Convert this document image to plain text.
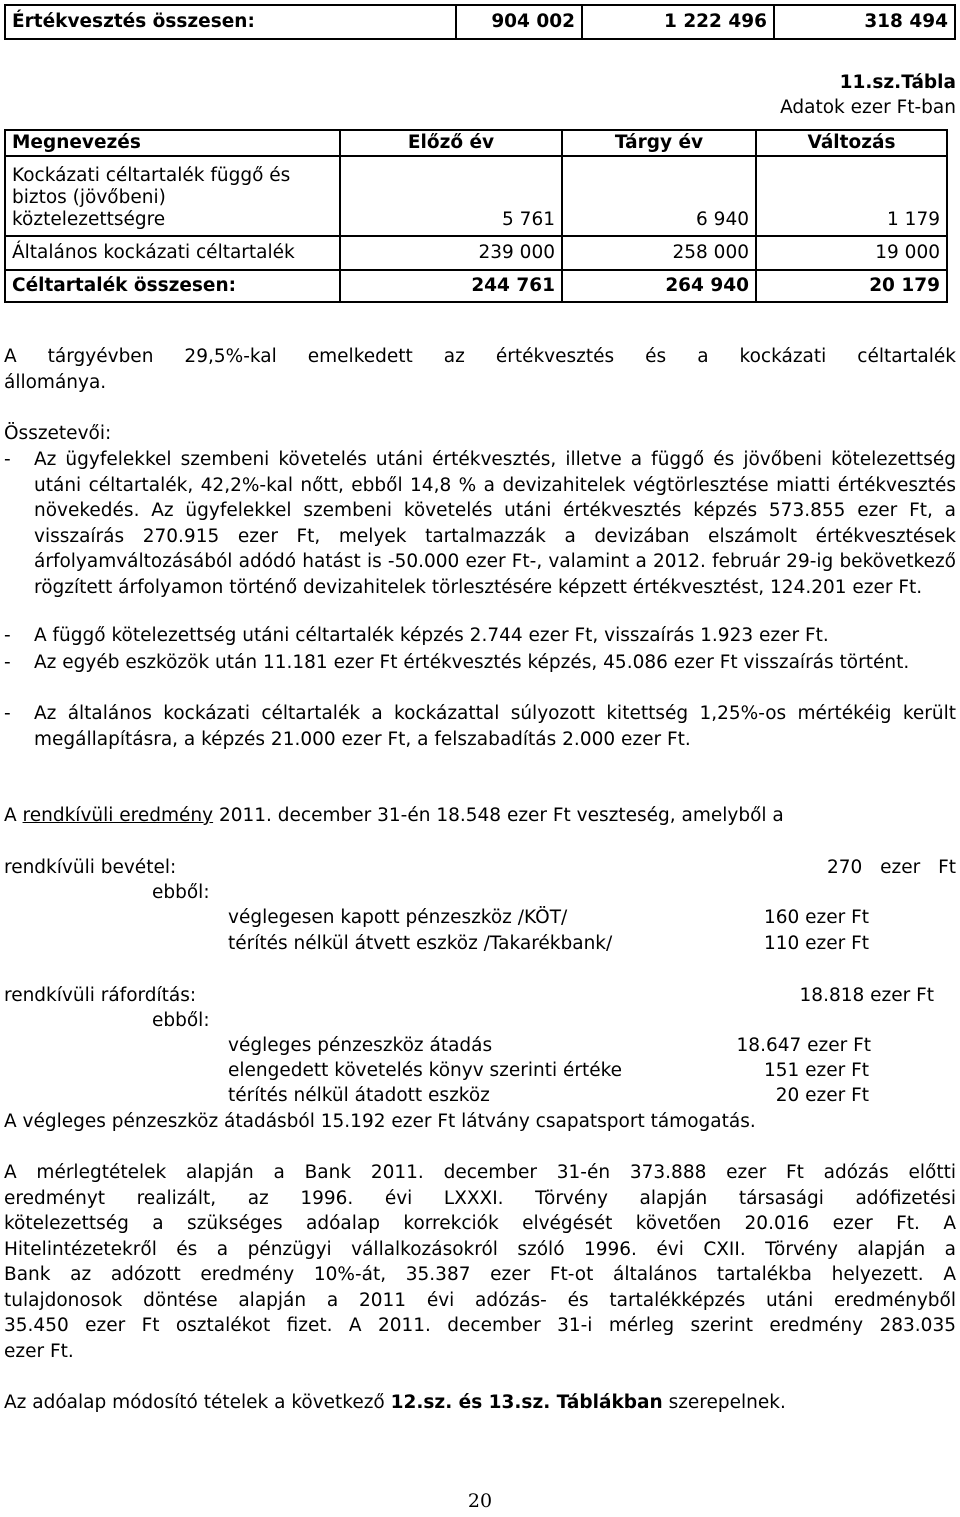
Értékvesztés összesen:	904 002	1 222 496	318 494
11.sz.Tábla
Adatok ezer Ft-ban
Megnevezés	Előző év	Tárgy év	Változás

Kockázati céltartalék függő és
biztos (jövőbeni)
köztelezettségre	5 761	6 940	1 179
Általános kockázati céltartalék	239 000	258 000	19 000
Céltartalék összesen:	244 761	264 940	20 179
A tárgyévben 29,5%-kal emelkedett az értékvesztés és a kockázati céltartalék
állománya.
Összetevői:
- Az ügyfelekkel szembeni követelés utáni értékvesztés, illetve a függő és jövőbeni kötelezettség utáni céltartalék, 42,2%-kal nőtt, ebből 14,8 % a devizahitelek végtörlesztése miatti értékvesztés növekedés. Az ügyfelekkel szembeni követelés utáni értékvesztés képzés 573.855 ezer Ft, a visszaírás 270.915 ezer Ft, melyek tartalmazzák a devizában elszámolt értékvesztések árfolyamváltozásából adódó hatást is -50.000 ezer Ft-, valamint a 2012. február 29-ig bekövetkező rögzített árfolyamon történő devizahitelek törlesztésére képzett értékvesztést, 124.201 ezer Ft.
- A függő kötelezettség utáni céltartalék képzés 2.744 ezer Ft, visszaírás 1.923 ezer Ft.
- Az egyéb eszközök után 11.181 ezer Ft értékvesztés képzés, 45.086 ezer Ft visszaírás történt.
- Az általános kockázati céltartalék a kockázattal súlyozott kitettség 1,25%-os mértékéig került megállapításra, a képzés 21.000 ezer Ft, a felszabadítás 2.000 ezer Ft.
A rendkívüli eredmény 2011. december 31-én 18.548 ezer Ft veszteség, amelyből a
rendkívüli bevétel:	270 ezer Ft
ebből:
véglegesen kapott pénzeszköz /KÖT/	160 ezer Ft
térítés nélkül átvett eszköz /Takarékbank/	110 ezer Ft
rendkívüli ráfordítás:	18.818 ezer Ft
ebből:
végleges pénzeszköz átadás	18.647 ezer Ft
elengedett követelés könyv szerinti értéke	151 ezer Ft
térítés nélkül átadott eszköz	20 ezer Ft
A végleges pénzeszköz átadásból 15.192 ezer Ft látvány csapatsport támogatás.
A mérlegtételek alapján a Bank 2011. december 31-én 373.888 ezer Ft adózás előtti
eredményt realizált, az 1996. évi LXXXI. Törvény alapján társasági adófizetési
kötelezettség a szükséges adóalap korrekciók elvégését követően 20.016 ezer Ft. A
Hitelintézetekről és a pénzügyi vállalkozásokról szóló 1996. évi CXII. Törvény alapján a
Bank az adózott eredmény 10%-át, 35.387 ezer Ft-ot általános tartalékba helyezett. A
tulajdonosok döntése alapján a 2011 évi adózás- és tartalékképzés utáni eredményből
35.450 ezer Ft osztalékot fizet. A 2011. december 31-i mérleg szerint eredmény 283.035
ezer Ft.
Az adóalap módosító tételek a következő 12.sz. és 13.sz. Táblákban szerepelnek.
20
